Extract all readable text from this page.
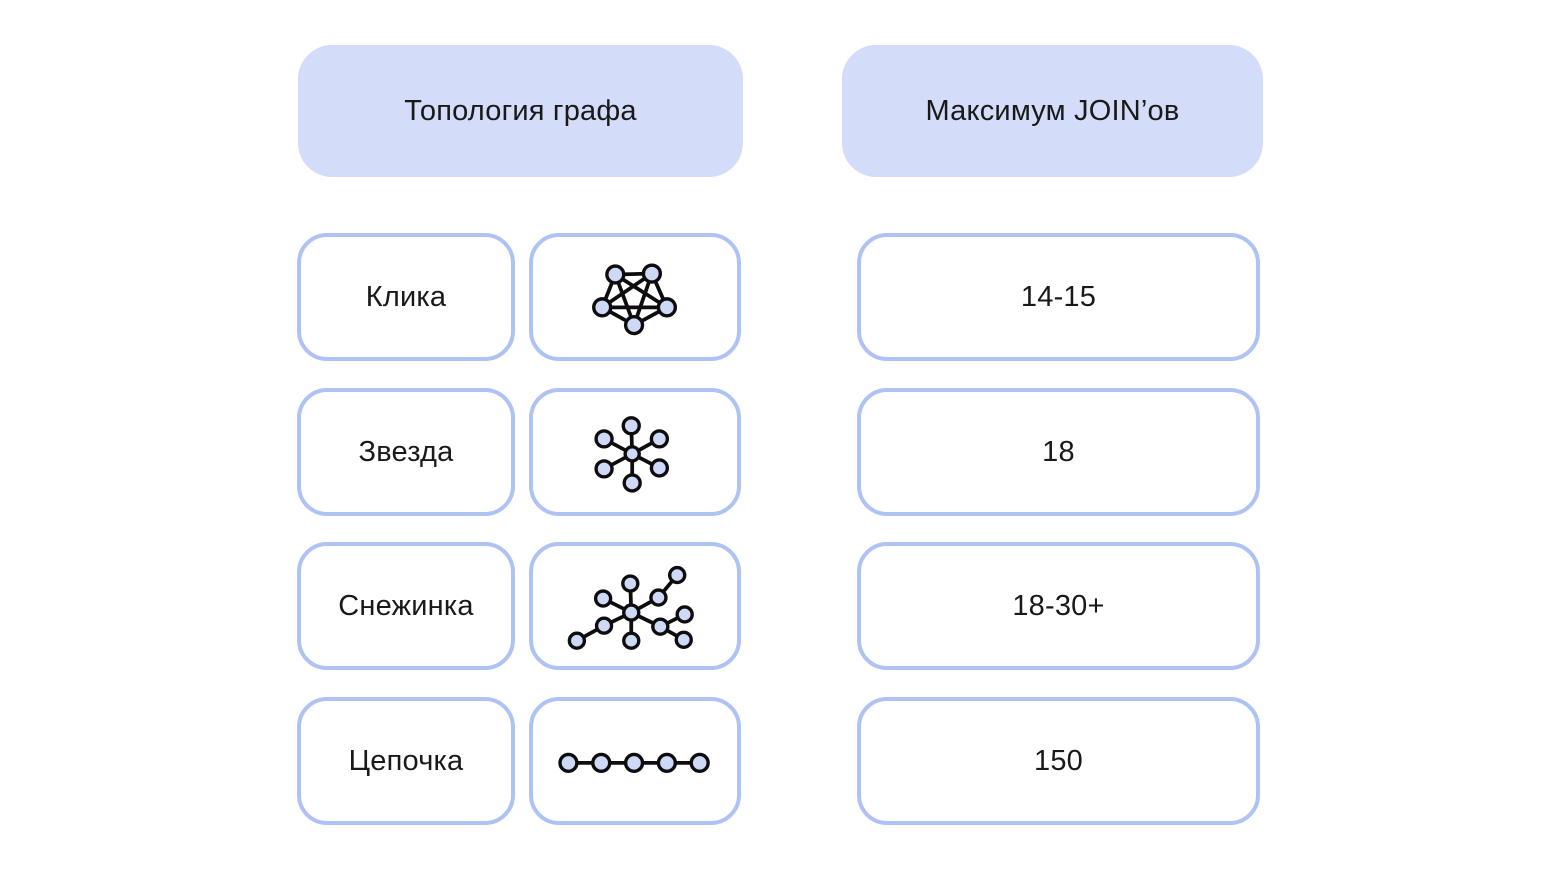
Топология графа	Максимум JOIN’ов
Клика	14-15
Звезда	18
Снежинка	18-30+
Цепочка	150
